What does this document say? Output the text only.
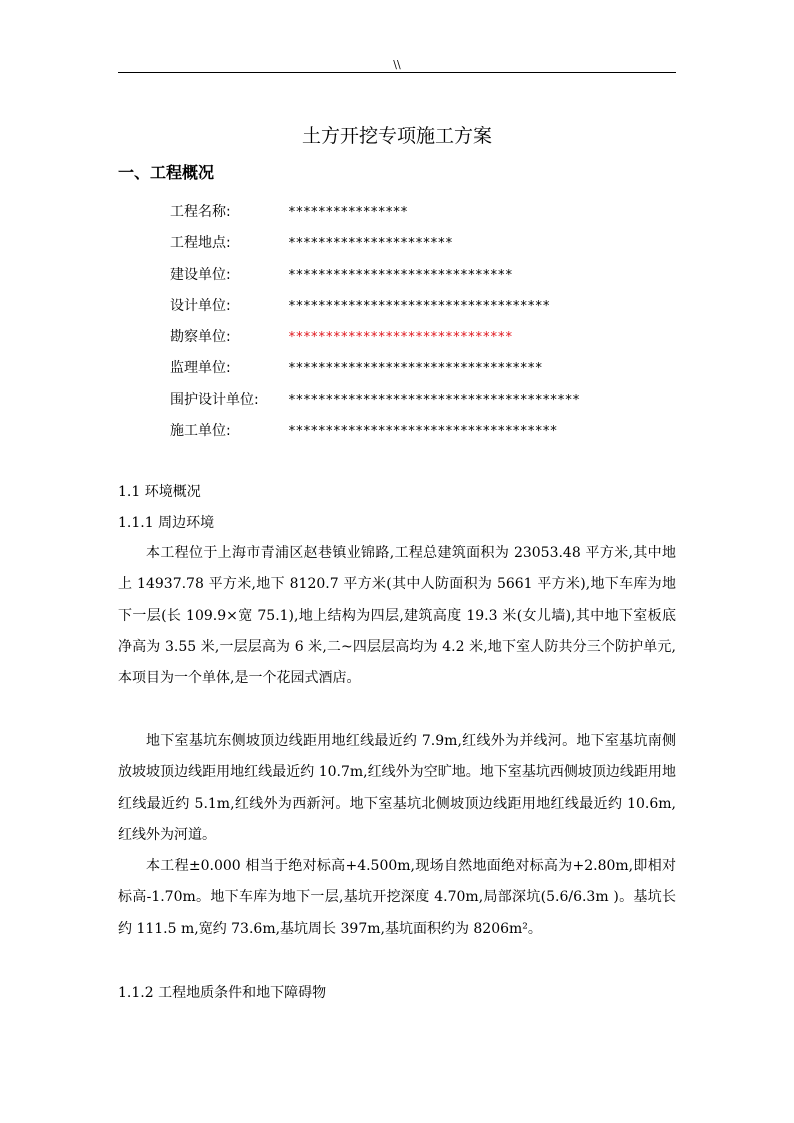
\\
土方开挖专项施工方案
一、工程概况
工程名称:	****************
工程地点:	**********************
建设单位:	******************************
设计单位:	***********************************
勘察单位:	******************************
监理单位:	**********************************
围护设计单位: ***************************************
施工单位:	************************************
1.1 环境概况
1.1.1 周边环境

本工程位于上海市青浦区赵巷镇业锦路,工程总建筑面积为 23053.48 平方米,其中地上 14937.78 平方米,地下 8120.7 平方米(其中人防面积为 5661 平方米),地下车库为地下一层(长 109.9×宽 75.1),地上结构为四层,建筑高度 19.3 米(女儿墙),其中地下室板底净高为 3.55 米,一层层高为 6 米,二~四层层高均为 4.2 米,地下室人防共分三个防护单元,本项目为一个单体,是一个花园式酒店。

地下室基坑东侧坡顶边线距用地红线最近约 7.9m,红线外为并线河。地下室基坑南侧放坡坡顶边线距用地红线最近约 10.7m,红线外为空旷地。地下室基坑西侧坡顶边线距用地红线最近约 5.1m,红线外为西新河。地下室基坑北侧坡顶边线距用地红线最近约 10.6m,红线外为河道。

本工程±0.000 相当于绝对标高+4.500m,现场自然地面绝对标高为+2.80m,即相对标高-1.70m。地下车库为地下一层,基坑开挖深度 4.70m,局部深坑(5.6/6.3m )。基坑长约 111.5 m,宽约 73.6m,基坑周长 397m,基坑面积约为 8206m²。

1.1.2 工程地质条件和地下障碍物
